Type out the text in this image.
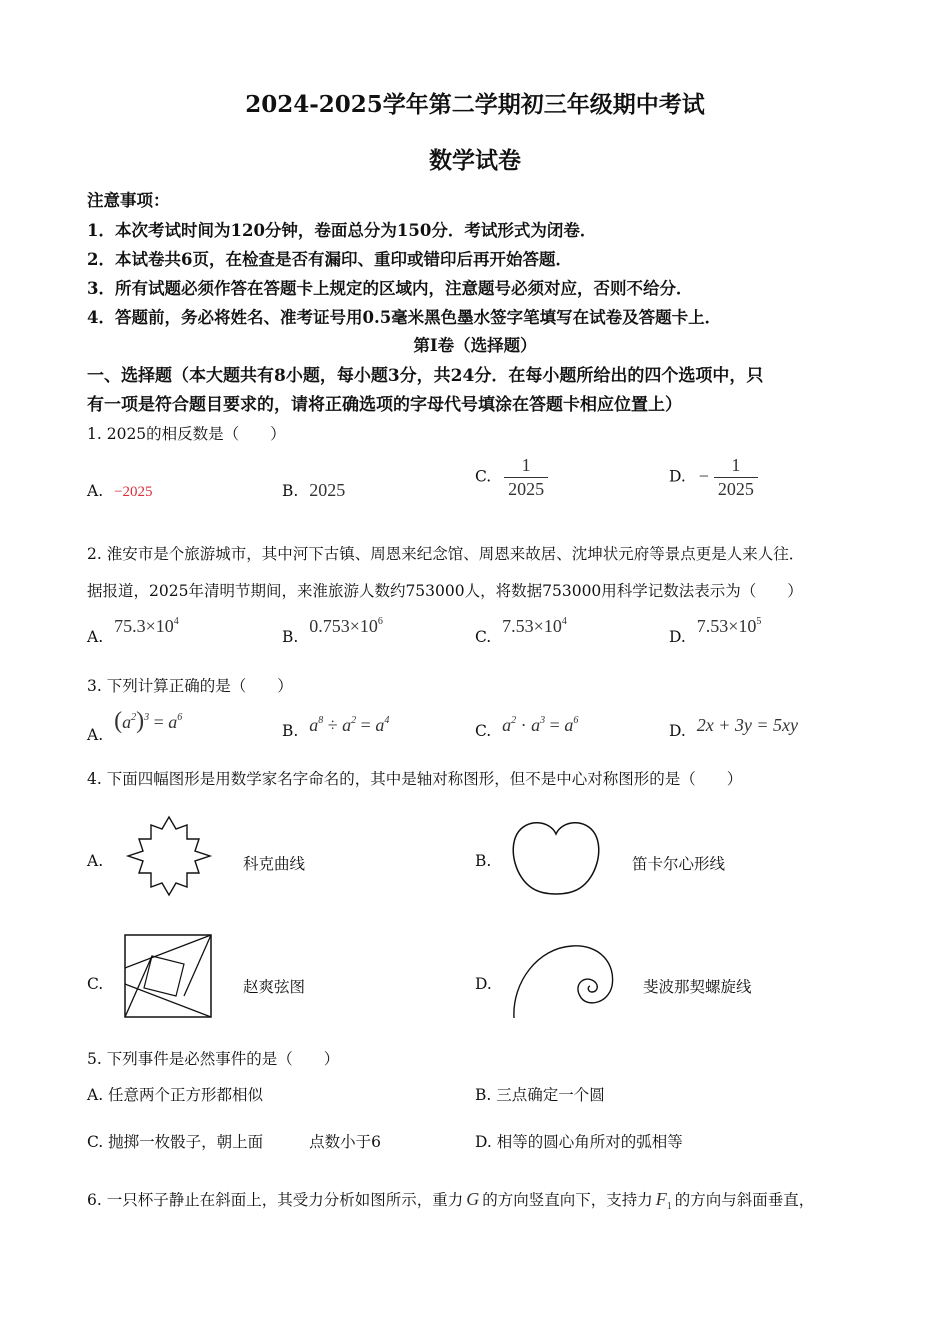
2024-2025学年第二学期初三年级期中考试
数学试卷
注意事项：
1．本次考试时间为120分钟，卷面总分为150分．考试形式为闭卷．
2．本试卷共6页，在检查是否有漏印、重印或错印后再开始答题．
3．所有试题必须作答在答题卡上规定的区域内，注意题号必须对应，否则不给分．
4．答题前，务必将姓名、准考证号用0.5毫米黑色墨水签字笔填写在试卷及答题卡上．
第I卷（选择题）
一、选择题（本大题共有8小题，每小题3分，共24分．在每小题所给出的四个选项中，只
有一项是符合题目要求的，请将正确选项的字母代号填涂在答题卡相应位置上）
1. 2025的相反数是（　　）
A. −2025	B. 2025
C. $\frac{1}{2025}$	D. − $\frac{1}{2025}$
2. 淮安市是个旅游城市，其中河下古镇、周恩来纪念馆、周恩来故居、沈坤状元府等景点更是人来人往．
据报道，2025年清明节期间，来淮旅游人数约753000人，将数据753000用科学记数法表示为（　　）
A. $75.3\times 10^4$
B. $0.753\times 10^6$
C. $7.53\times 10^4$
D. $7.53\times 10^5$
3. 下列计算正确的是（　　）
A. $(a^2)^3 = a^6$
B. $a^8 \div a^2 = a^4$
C. $a^2 \cdot a^3 = a^6$
D. 2x + 3y = 5xy
4. 下面四幅图形是用数学家名字命名的，其中是轴对称图形，但不是中心对称图形的是（　　）
A.	科克曲线	B.	笛卡尔心形线
C.	赵爽弦图	D.	斐波那契螺旋线
5. 下列事件是必然事件的是（　　）
A. 任意两个正方形都相似	B. 三点确定一个圆
C. 抛掷一枚骰子，朝上面	点数小于6	D. 相等的圆心角所对的弧相等
6. 一只杯子静止在斜面上，其受力分析如图所示，重力 G 的方向竖直向下，支持力 $F_1$ 的方向与斜面垂直，
